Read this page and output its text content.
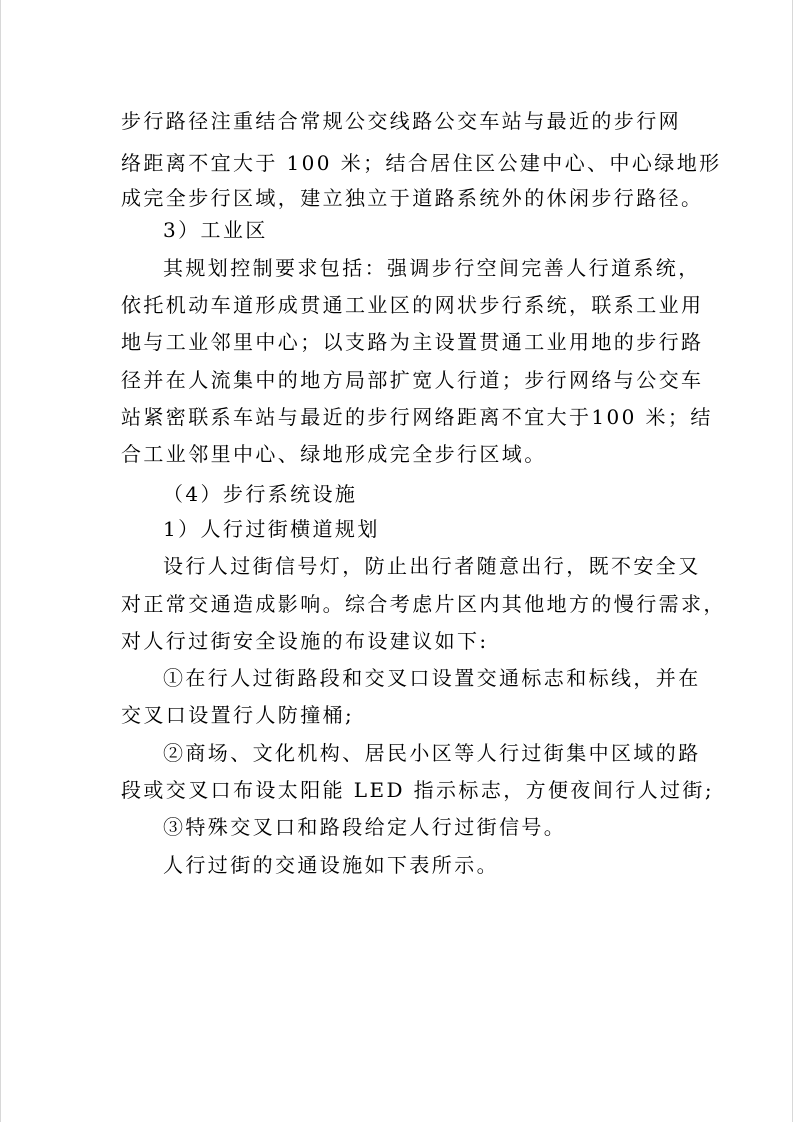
步行路径注重结合常规公交线路公交车站与最近的步行网
络距离不宜大于 100 米；结合居住区公建中心、中心绿地形
成完全步行区域，建立独立于道路系统外的休闲步行路径。
3）工业区
其规划控制要求包括：强调步行空间完善人行道系统，
依托机动车道形成贯通工业区的网状步行系统，联系工业用
地与工业邻里中心；以支路为主设置贯通工业用地的步行路
径并在人流集中的地方局部扩宽人行道；步行网络与公交车
站紧密联系车站与最近的步行网络距离不宜大于100 米；结
合工业邻里中心、绿地形成完全步行区域。
（4）步行系统设施
1）人行过街横道规划
设行人过街信号灯，防止出行者随意出行，既不安全又
对正常交通造成影响。综合考虑片区内其他地方的慢行需求，
对人行过街安全设施的布设建议如下:
①在行人过街路段和交叉口设置交通标志和标线，并在
交叉口设置行人防撞桶;
②商场、文化机构、居民小区等人行过街集中区域的路
段或交叉口布设太阳能 LED 指示标志，方便夜间行人过街;
③特殊交叉口和路段给定人行过街信号。
人行过街的交通设施如下表所示。
